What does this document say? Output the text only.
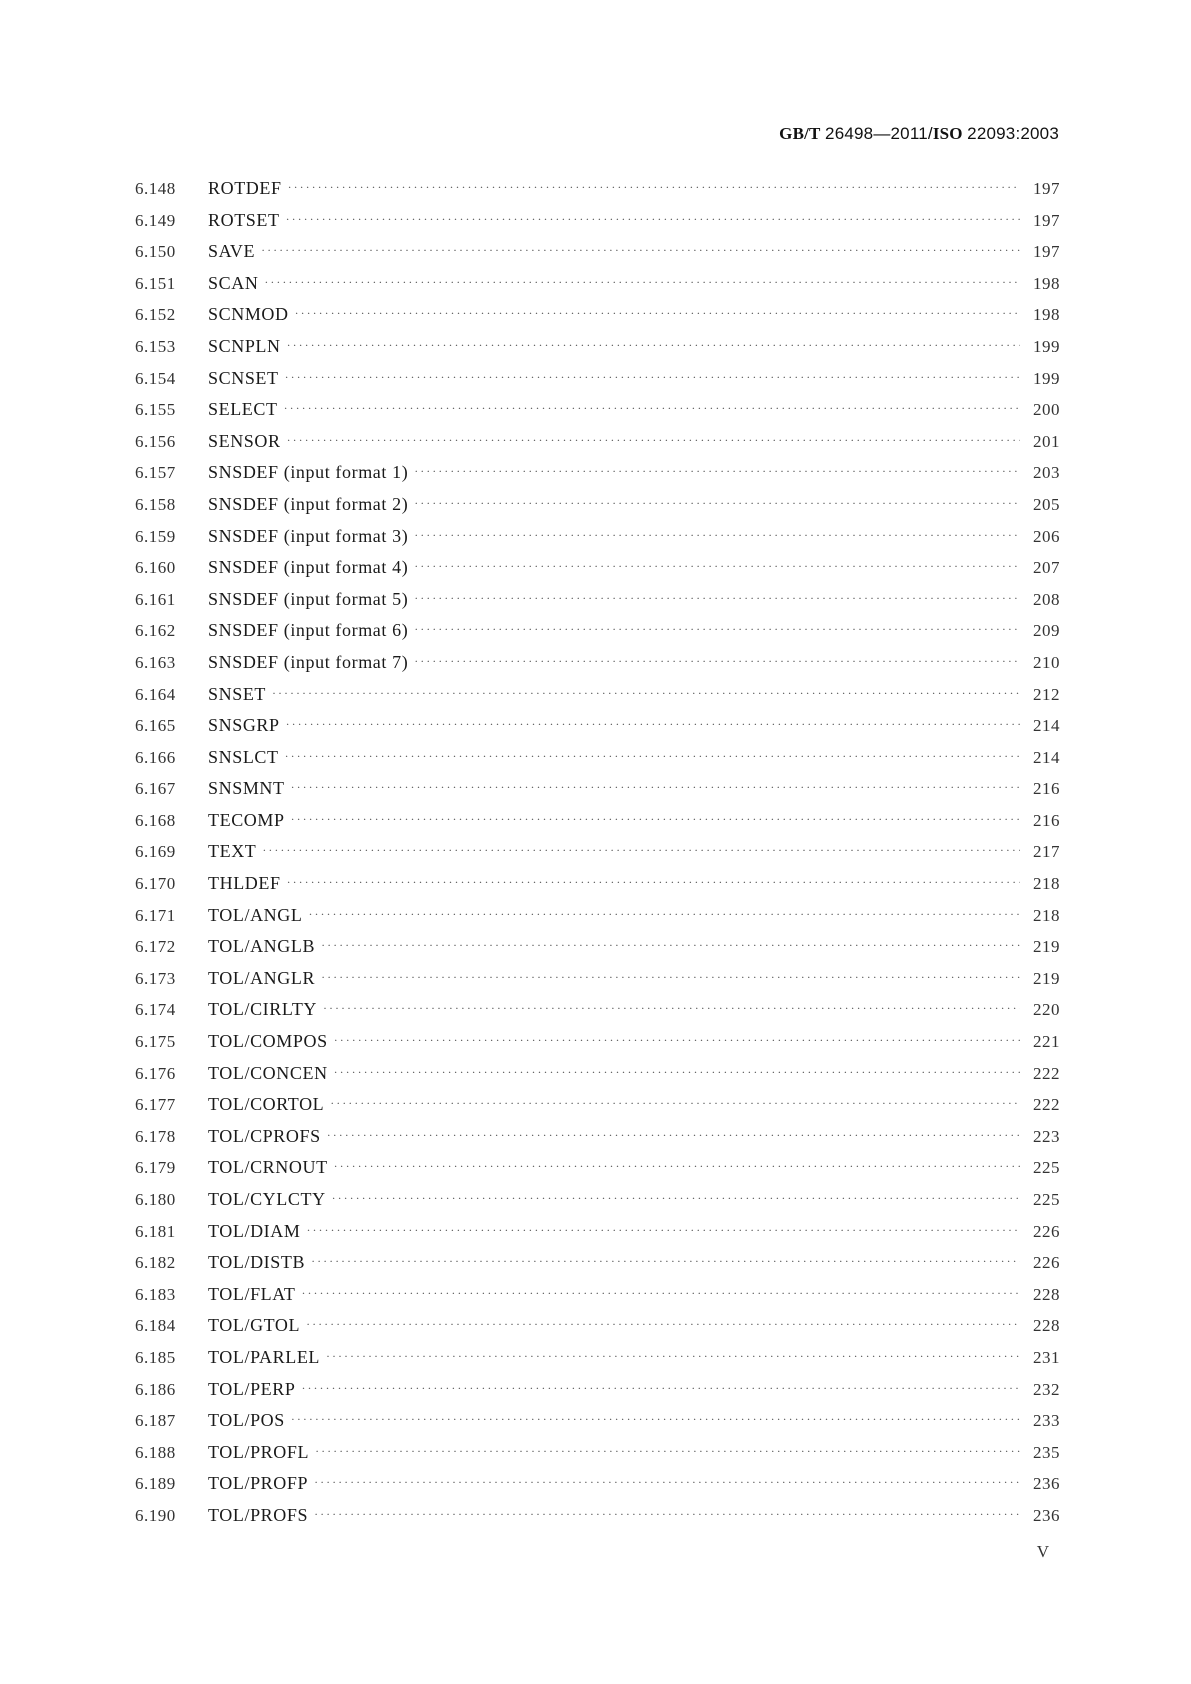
GB/T 26498—2011/ISO 22093:2003
6.148	ROTDEF ·····	197
6.149	ROTSET ·····	197
6.150	SAVE ·····	197
6.151	SCAN ·····	198
6.152	SCNMOD ·····	198
6.153	SCNPLN ·····	199
6.154	SCNSET ·····	199
6.155	SELECT ·····	200
6.156	SENSOR ·····	201
6.157	SNSDEF (input format 1) ·····	203
6.158	SNSDEF (input format 2) ·····	205
6.159	SNSDEF (input format 3) ·····	206
6.160	SNSDEF (input format 4) ·····	207
6.161	SNSDEF (input format 5) ·····	208
6.162	SNSDEF (input format 6) ·····	209
6.163	SNSDEF (input format 7) ·····	210
6.164	SNSET ·····	212
6.165	SNSGRP ·····	214
6.166	SNSLCT ·····	214
6.167	SNSMNT ·····	216
6.168	TECOMP ·····	216
6.169	TEXT ·····	217
6.170	THLDEF ·····	218
6.171	TOL/ANGL ·····	218
6.172	TOL/ANGLB ·····	219
6.173	TOL/ANGLR ·····	219
6.174	TOL/CIRLTY ·····	220
6.175	TOL/COMPOS ·····	221
6.176	TOL/CONCEN ·····	222
6.177	TOL/CORTOL ·····	222
6.178	TOL/CPROFS ·····	223
6.179	TOL/CRNOUT ·····	225
6.180	TOL/CYLCTY ·····	225
6.181	TOL/DIAM ·····	226
6.182	TOL/DISTB ·····	226
6.183	TOL/FLAT ·····	228
6.184	TOL/GTOL ·····	228
6.185	TOL/PARLEL ·····	231
6.186	TOL/PERP ·····	232
6.187	TOL/POS ·····	233
6.188	TOL/PROFL ·····	235
6.189	TOL/PROFP ·····	236
6.190	TOL/PROFS ·····	236
V
